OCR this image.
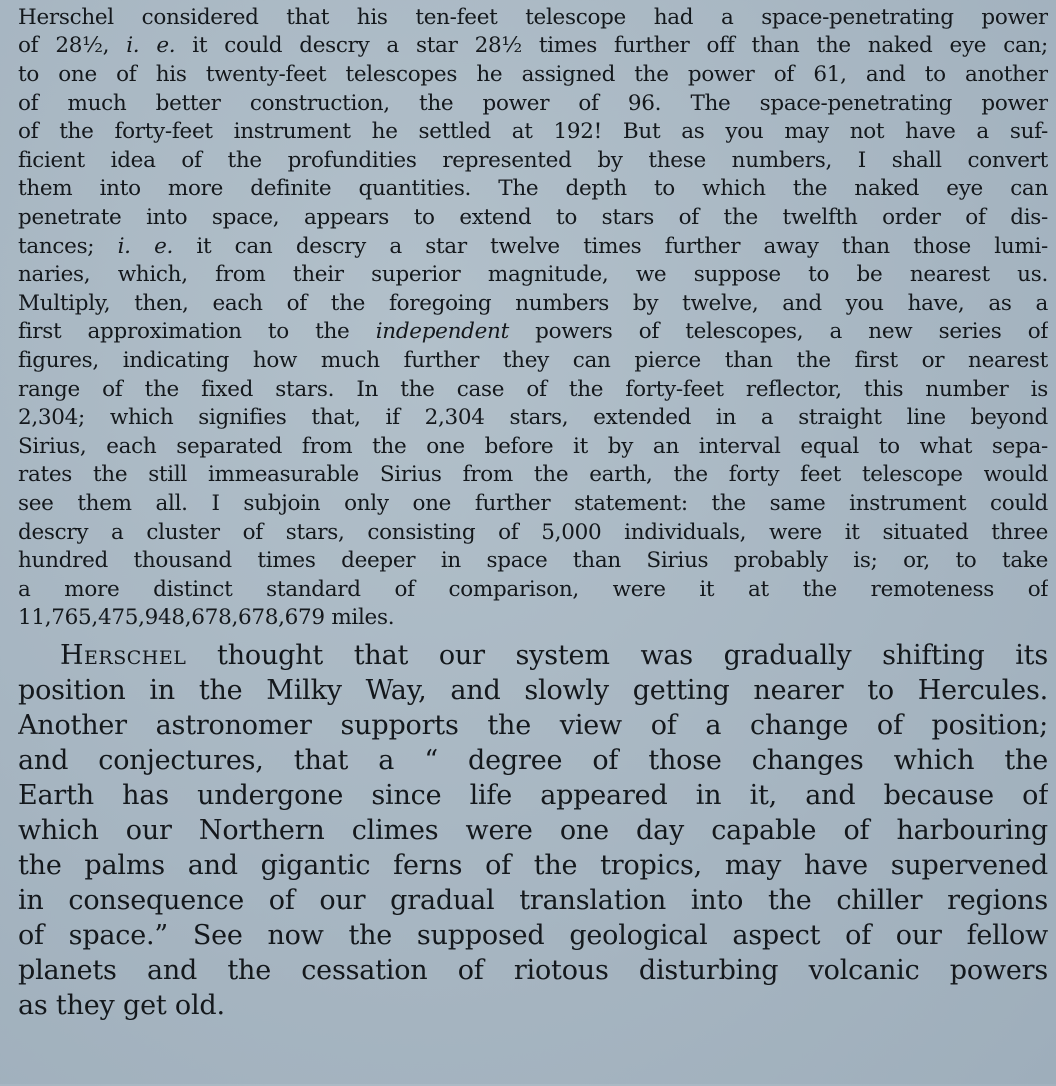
Herschel considered that his ten-feet telescope had a space-penetrating power
of 28½, i. e. it could descry a star 28½ times further off than the naked eye can;
to one of his twenty-feet telescopes he assigned the power of 61, and to another
of much better construction, the power of 96. The space-penetrating power
of the forty-feet instrument he settled at 192! But as you may not have a suf-
ficient idea of the profundities represented by these numbers, I shall convert
them into more definite quantities. The depth to which the naked eye can
penetrate into space, appears to extend to stars of the twelfth order of dis-
tances; i. e. it can descry a star twelve times further away than those lumi-
naries, which, from their superior magnitude, we suppose to be nearest us.
Multiply, then, each of the foregoing numbers by twelve, and you have, as a
first approximation to the independent powers of telescopes, a new series of
figures, indicating how much further they can pierce than the first or nearest
range of the fixed stars. In the case of the forty-feet reflector, this number is
2,304; which signifies that, if 2,304 stars, extended in a straight line beyond
Sirius, each separated from the one before it by an interval equal to what sepa-
rates the still immeasurable Sirius from the earth, the forty feet telescope would
see them all. I subjoin only one further statement: the same instrument could
descry a cluster of stars, consisting of 5,000 individuals, were it situated three
hundred thousand times deeper in space than Sirius probably is; or, to take
a more distinct standard of comparison, were it at the remoteness of
11,765,475,948,678,678,679 miles.
Herschel thought that our system was gradually shifting its
position in the Milky Way, and slowly getting nearer to Hercules.
Another astronomer supports the view of a change of position;
and conjectures, that a “ degree of those changes which the
Earth has undergone since life appeared in it, and because of
which our Northern climes were one day capable of harbouring
the palms and gigantic ferns of the tropics, may have supervened
in consequence of our gradual translation into the chiller regions
of space.” See now the supposed geological aspect of our fellow
planets and the cessation of riotous disturbing volcanic powers
as they get old.
